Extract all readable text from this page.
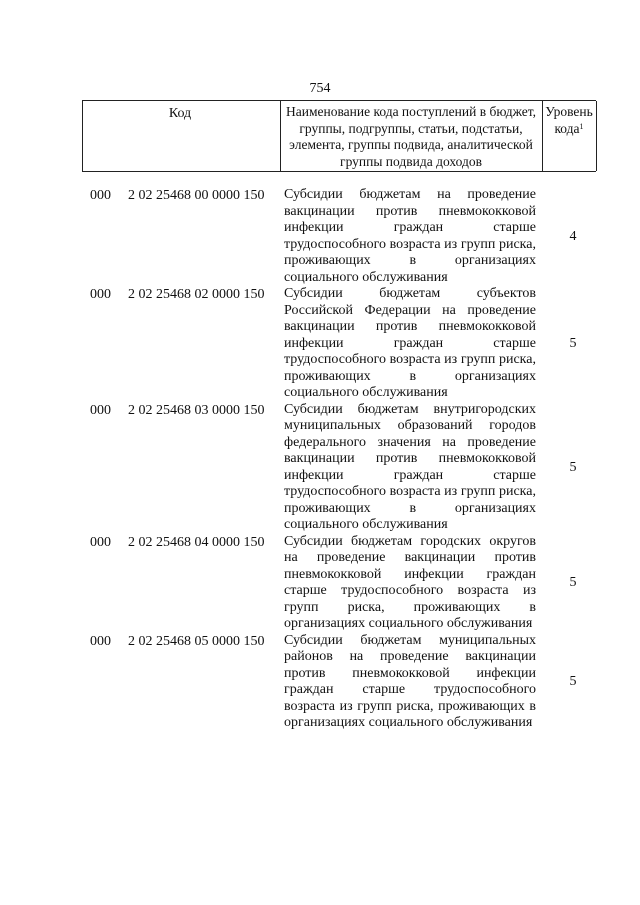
754
Код	Наименование кода поступлений в бюджет, группы, подгруппы, статьи, подстатьи, элемента, группы подвида, аналитической группы подвида доходов
Уровень кода$^1$
000 2 02 25468 00 0000 150 Субсидии бюджетам на проведение вакцинации против пневмококковой инфекции граждан старше трудоспособного возраста из групп риска, проживающих в организациях социального обслуживания
4
000 2 02 25468 02 0000 150 Субсидии бюджетам субъектов Российской Федерации на проведение вакцинации против пневмококковой инфекции граждан старше трудоспособного возраста из групп риска, проживающих в организациях социального обслуживания
5
000 2 02 25468 03 0000 150 Субсидии бюджетам внутригородских муниципальных образований городов федерального значения на проведение вакцинации против пневмококковой инфекции граждан старше трудоспособного возраста из групп риска, проживающих в организациях социального обслуживания
5
000 2 02 25468 04 0000 150 Субсидии бюджетам городских округов на проведение вакцинации против пневмококковой инфекции граждан старше трудоспособного возраста из групп риска, проживающих в организациях социального обслуживания
5
000 2 02 25468 05 0000 150 Субсидии бюджетам муниципальных районов на проведение вакцинации против пневмококковой инфекции граждан старше трудоспособного возраста из групп риска, проживающих в организациях социального обслуживания
5
